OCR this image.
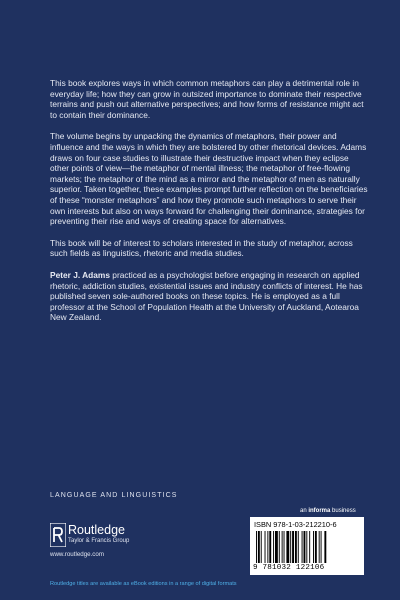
This book explores ways in which common metaphors can play a detrimental role in everyday life; how they can grow in outsized importance to dominate their respective terrains and push out alternative perspectives; and how forms of resistance might act to contain their dominance.

The volume begins by unpacking the dynamics of metaphors, their power and influence and the ways in which they are bolstered by other rhetorical devices. Adams draws on four case studies to illustrate their destructive impact when they eclipse other points of view—the metaphor of mental illness; the metaphor of free-flowing markets; the metaphor of the mind as a mirror and the metaphor of men as naturally superior. Taken together, these examples prompt further reflection on the beneficiaries of these “monster metaphors” and how they promote such metaphors to serve their own interests but also on ways forward for challenging their dominance, strategies for preventing their rise and ways of creating space for alternatives.

This book will be of interest to scholars interested in the study of metaphor, across such fields as linguistics, rhetoric and media studies.

Peter J. Adams practiced as a psychologist before engaging in research on applied rhetoric, addiction studies, existential issues and industry conflicts of interest. He has published seven sole-authored books on these topics. He is employed as a full professor at the School of Population Health at the University of Auckland, Aotearoa New Zealand.

LANGUAGE AND LINGUISTICS
Routledge
Taylor & Francis Group
www.routledge.com
an informa business
ISBN 978-1-03-212210-6
9 781032 122106
Routledge titles are available as eBook editions in a range of digital formats
